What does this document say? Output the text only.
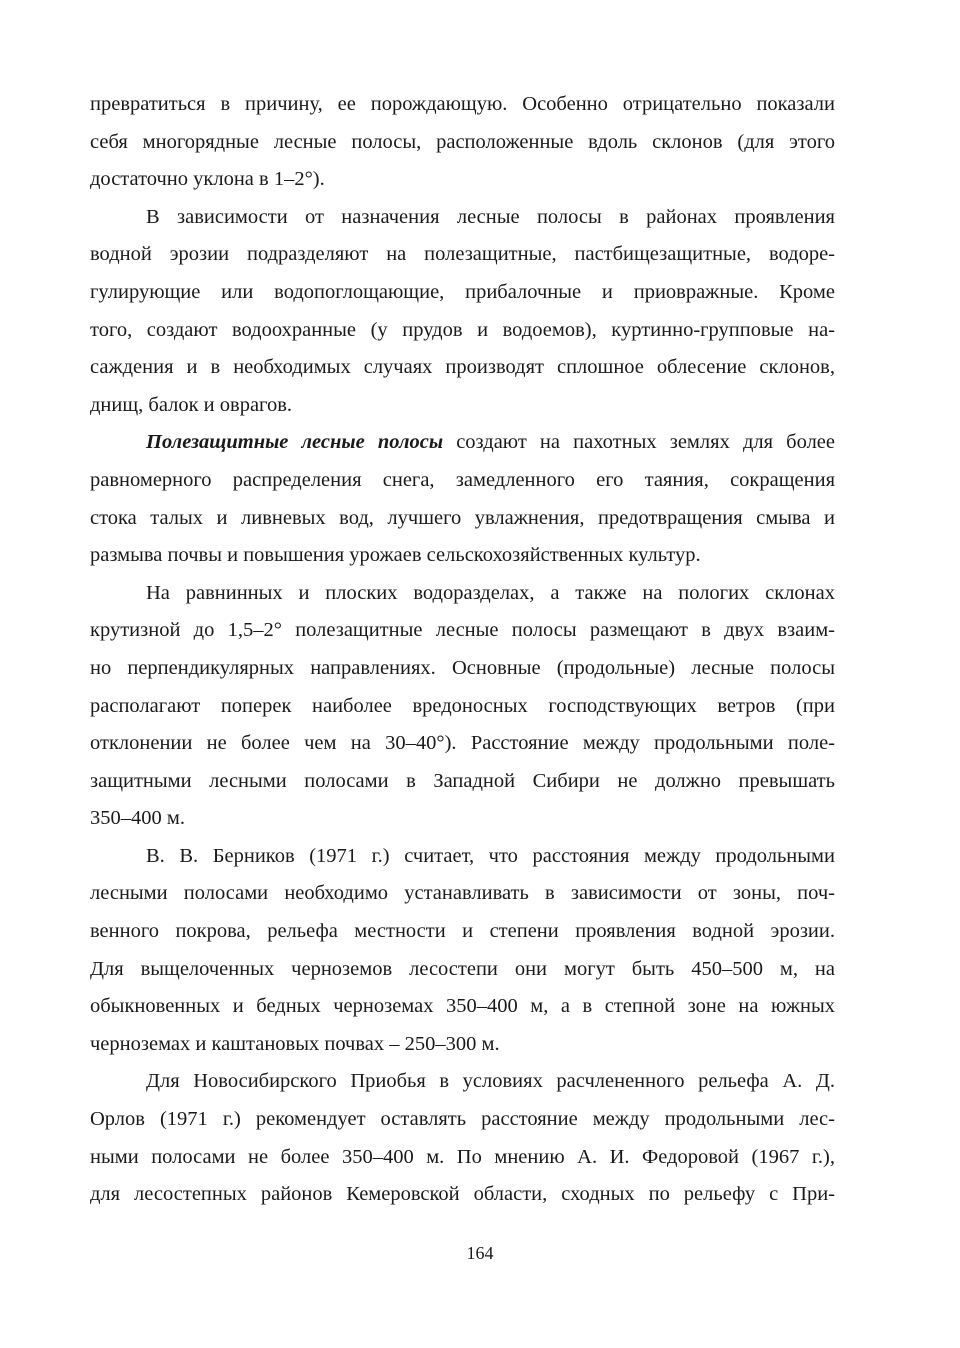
превратиться в причину, ее порождающую. Особенно отрицательно показали
себя многорядные лесные полосы, расположенные вдоль склонов (для этого
достаточно уклона в 1–2°).
В зависимости от назначения лесные полосы в районах проявления
водной эрозии подразделяют на полезащитные, пастбищезащитные, водоре-
гулирующие или водопоглощающие, прибалочные и приовражные. Кроме
того, создают водоохранные (у прудов и водоемов), куртинно-групповые на-
саждения и в необходимых случаях производят сплошное облесение склонов,
днищ, балок и оврагов.
Полезащитные лесные полосы создают на пахотных землях для более
равномерного распределения снега, замедленного его таяния, сокращения
стока талых и ливневых вод, лучшего увлажнения, предотвращения смыва и
размыва почвы и повышения урожаев сельскохозяйственных культур.
На равнинных и плоских водоразделах, а также на пологих склонах
крутизной до 1,5–2° полезащитные лесные полосы размещают в двух взаим-
но перпендикулярных направлениях. Основные (продольные) лесные полосы
располагают поперек наиболее вредоносных господствующих ветров (при
отклонении не более чем на 30–40°). Расстояние между продольными поле-
защитными лесными полосами в Западной Сибири не должно превышать
350–400 м.
В. В. Берников (1971 г.) считает, что расстояния между продольными
лесными полосами необходимо устанавливать в зависимости от зоны, поч-
венного покрова, рельефа местности и степени проявления водной эрозии.
Для выщелоченных черноземов лесостепи они могут быть 450–500 м, на
обыкновенных и бедных черноземах 350–400 м, а в степной зоне на южных
черноземах и каштановых почвах – 250–300 м.
Для Новосибирского Приобья в условиях расчлененного рельефа А. Д.
Орлов (1971 г.) рекомендует оставлять расстояние между продольными лес-
ными полосами не более 350–400 м. По мнению А. И. Федоровой (1967 г.),
для лесостепных районов Кемеровской области, сходных по рельефу с При-
164
